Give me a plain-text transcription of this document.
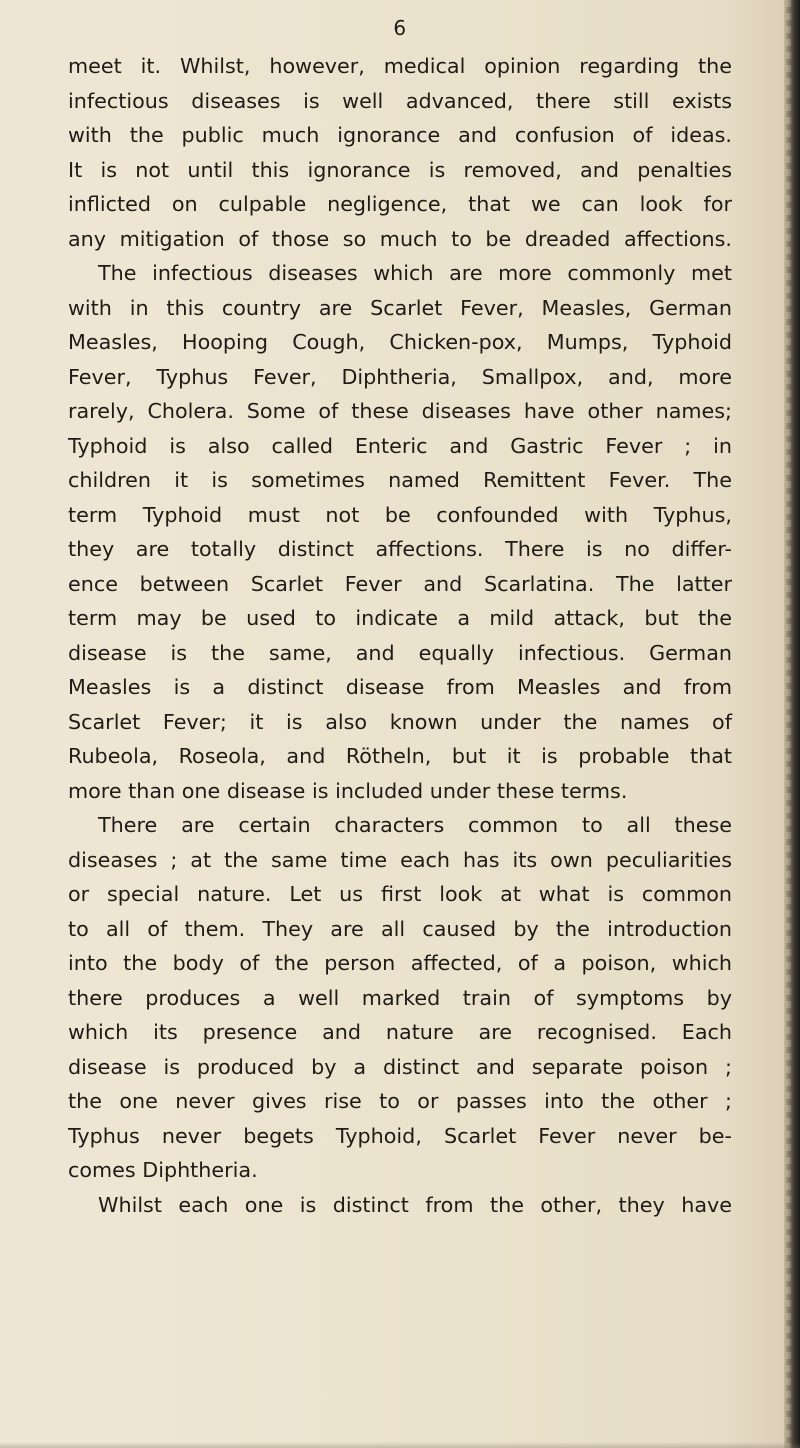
6
meet it. Whilst, however, medical opinion regarding the
infectious diseases is well advanced, there still exists
with the public much ignorance and confusion of ideas.
It is not until this ignorance is removed, and penalties
inflicted on culpable negligence, that we can look for
any mitigation of those so much to be dreaded affections.
The infectious diseases which are more commonly met
with in this country are Scarlet Fever, Measles, German
Measles, Hooping Cough, Chicken-pox, Mumps, Typhoid
Fever, Typhus Fever, Diphtheria, Smallpox, and, more
rarely, Cholera. Some of these diseases have other names;
Typhoid is also called Enteric and Gastric Fever ; in
children it is sometimes named Remittent Fever. The
term Typhoid must not be confounded with Typhus,
they are totally distinct affections. There is no differ-
ence between Scarlet Fever and Scarlatina. The latter
term may be used to indicate a mild attack, but the
disease is the same, and equally infectious. German
Measles is a distinct disease from Measles and from
Scarlet Fever; it is also known under the names of
Rubeola, Roseola, and Rötheln, but it is probable that
more than one disease is included under these terms.
There are certain characters common to all these
diseases ; at the same time each has its own peculiarities
or special nature. Let us first look at what is common
to all of them. They are all caused by the introduction
into the body of the person affected, of a poison, which
there produces a well marked train of symptoms by
which its presence and nature are recognised. Each
disease is produced by a distinct and separate poison ;
the one never gives rise to or passes into the other ;
Typhus never begets Typhoid, Scarlet Fever never be-
comes Diphtheria.
Whilst each one is distinct from the other, they have
